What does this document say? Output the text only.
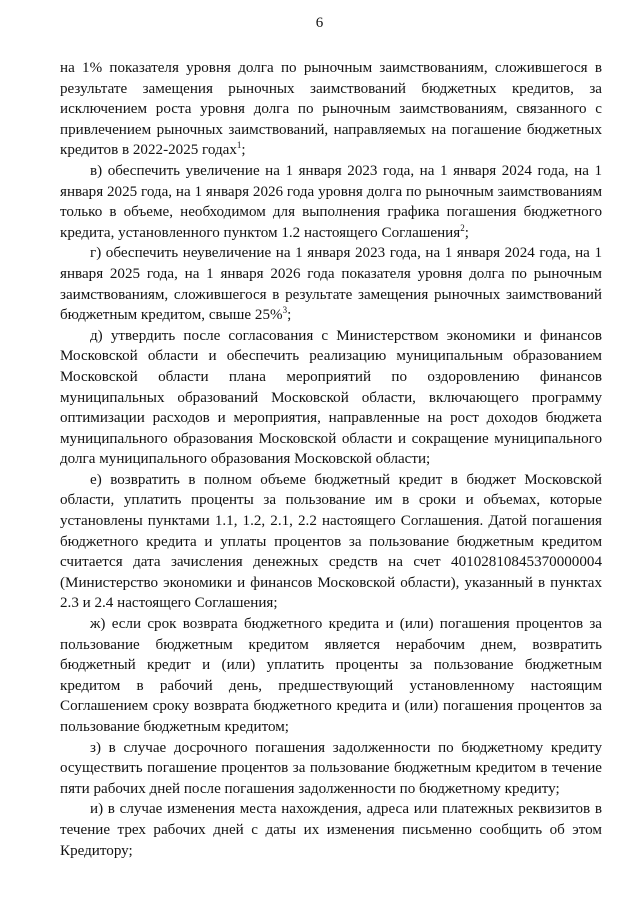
6

на 1% показателя уровня долга по рыночным заимствованиям, сложившегося в результате замещения рыночных заимствований бюджетных кредитов, за исключением роста уровня долга по рыночным заимствованиям, связанного с привлечением рыночных заимствований, направляемых на погашение бюджетных кредитов в 2022-2025 годах$^1$;

в) обеспечить увеличение на 1 января 2023 года, на 1 января 2024 года, на 1 января 2025 года, на 1 января 2026 года уровня долга по рыночным заимствованиям только в объеме, необходимом для выполнения графика погашения бюджетного кредита, установленного пунктом 1.2 настоящего Соглашения$^2$;

г) обеспечить неувеличение на 1 января 2023 года, на 1 января 2024 года, на 1 января 2025 года, на 1 января 2026 года показателя уровня долга по рыночным заимствованиям, сложившегося в результате замещения рыночных заимствований бюджетным кредитом, свыше 25%$^3$;

д) утвердить после согласования с Министерством экономики и финансов Московской области и обеспечить реализацию муниципальным образованием Московской области плана мероприятий по оздоровлению финансов муниципальных образований Московской области, включающего программу оптимизации расходов и мероприятия, направленные на рост доходов бюджета муниципального образования Московской области и сокращение муниципального долга муниципального образования Московской области;

е) возвратить в полном объеме бюджетный кредит в бюджет Московской области, уплатить проценты за пользование им в сроки и объемах, которые установлены пунктами 1.1, 1.2, 2.1, 2.2 настоящего Соглашения. Датой погашения бюджетного кредита и уплаты процентов за пользование бюджетным кредитом считается дата зачисления денежных средств на счет 40102810845370000004 (Министерство экономики и финансов Московской области), указанный в пунктах 2.3 и 2.4 настоящего Соглашения;

ж) если срок возврата бюджетного кредита и (или) погашения процентов за пользование бюджетным кредитом является нерабочим днем, возвратить бюджетный кредит и (или) уплатить проценты за пользование бюджетным кредитом в рабочий день, предшествующий установленному настоящим Соглашением сроку возврата бюджетного кредита и (или) погашения процентов за пользование бюджетным кредитом;

з) в случае досрочного погашения задолженности по бюджетному кредиту осуществить погашение процентов за пользование бюджетным кредитом в течение пяти рабочих дней после погашения задолженности по бюджетному кредиту;

и) в случае изменения места нахождения, адреса или платежных реквизитов в течение трех рабочих дней с даты их изменения письменно сообщить об этом Кредитору;
